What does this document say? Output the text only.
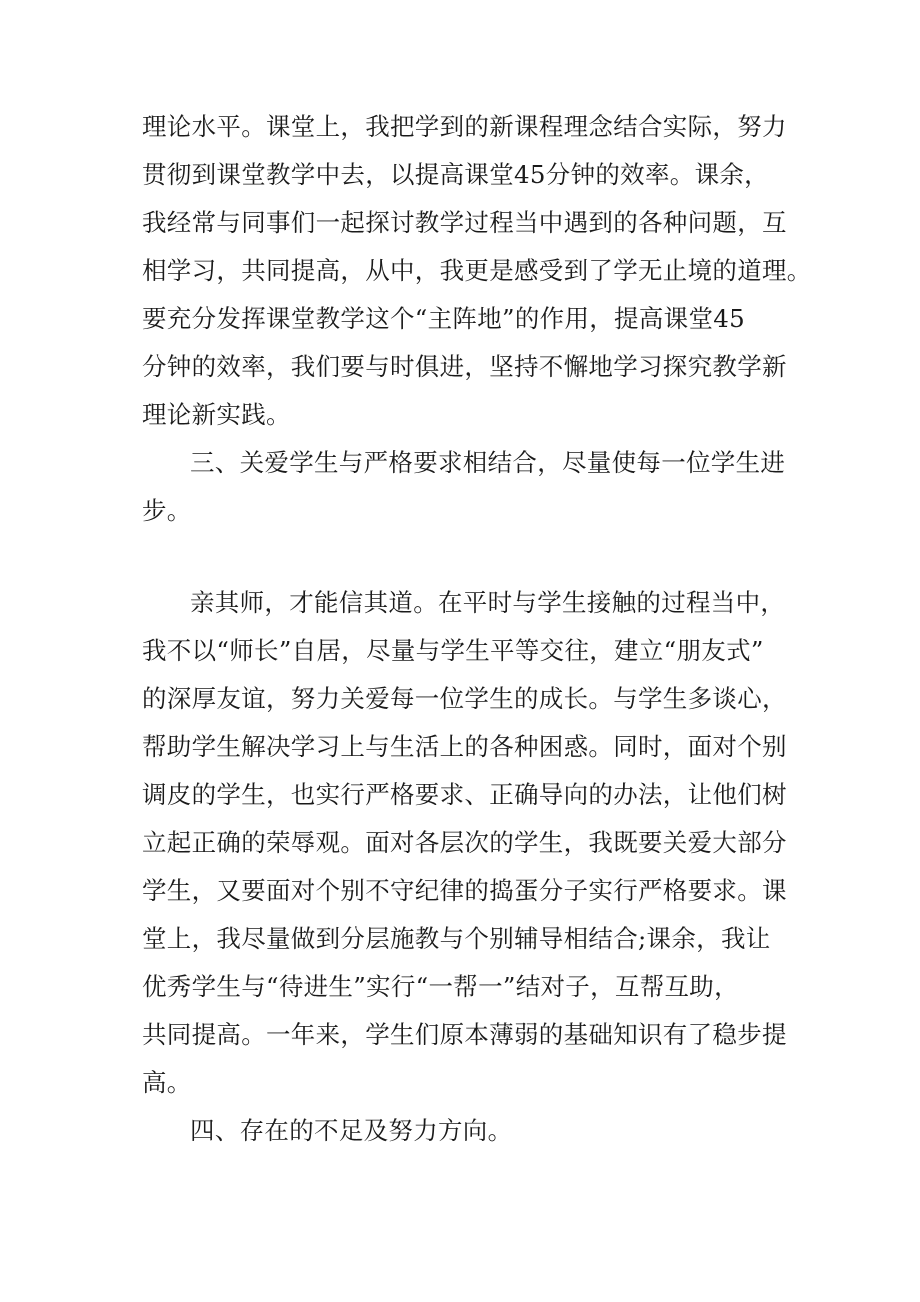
理论水平。课堂上，我把学到的新课程理念结合实际，努力
贯彻到课堂教学中去，以提高课堂45分钟的效率。课余，
我经常与同事们一起探讨教学过程当中遇到的各种问题，互
相学习，共同提高，从中，我更是感受到了学无止境的道理。
要充分发挥课堂教学这个“主阵地”的作用，提高课堂45
分钟的效率，我们要与时俱进，坚持不懈地学习探究教学新
理论新实践。
三、关爱学生与严格要求相结合，尽量使每一位学生进
步。
亲其师，才能信其道。在平时与学生接触的过程当中，
我不以“师长”自居，尽量与学生平等交往，建立“朋友式”
的深厚友谊，努力关爱每一位学生的成长。与学生多谈心，
帮助学生解决学习上与生活上的各种困惑。同时，面对个别
调皮的学生，也实行严格要求、正确导向的办法，让他们树
立起正确的荣辱观。面对各层次的学生，我既要关爱大部分
学生，又要面对个别不守纪律的捣蛋分子实行严格要求。课
堂上，我尽量做到分层施教与个别辅导相结合;课余，我让
优秀学生与“待进生”实行“一帮一”结对子，互帮互助，
共同提高。一年来，学生们原本薄弱的基础知识有了稳步提
高。
四、存在的不足及努力方向。
